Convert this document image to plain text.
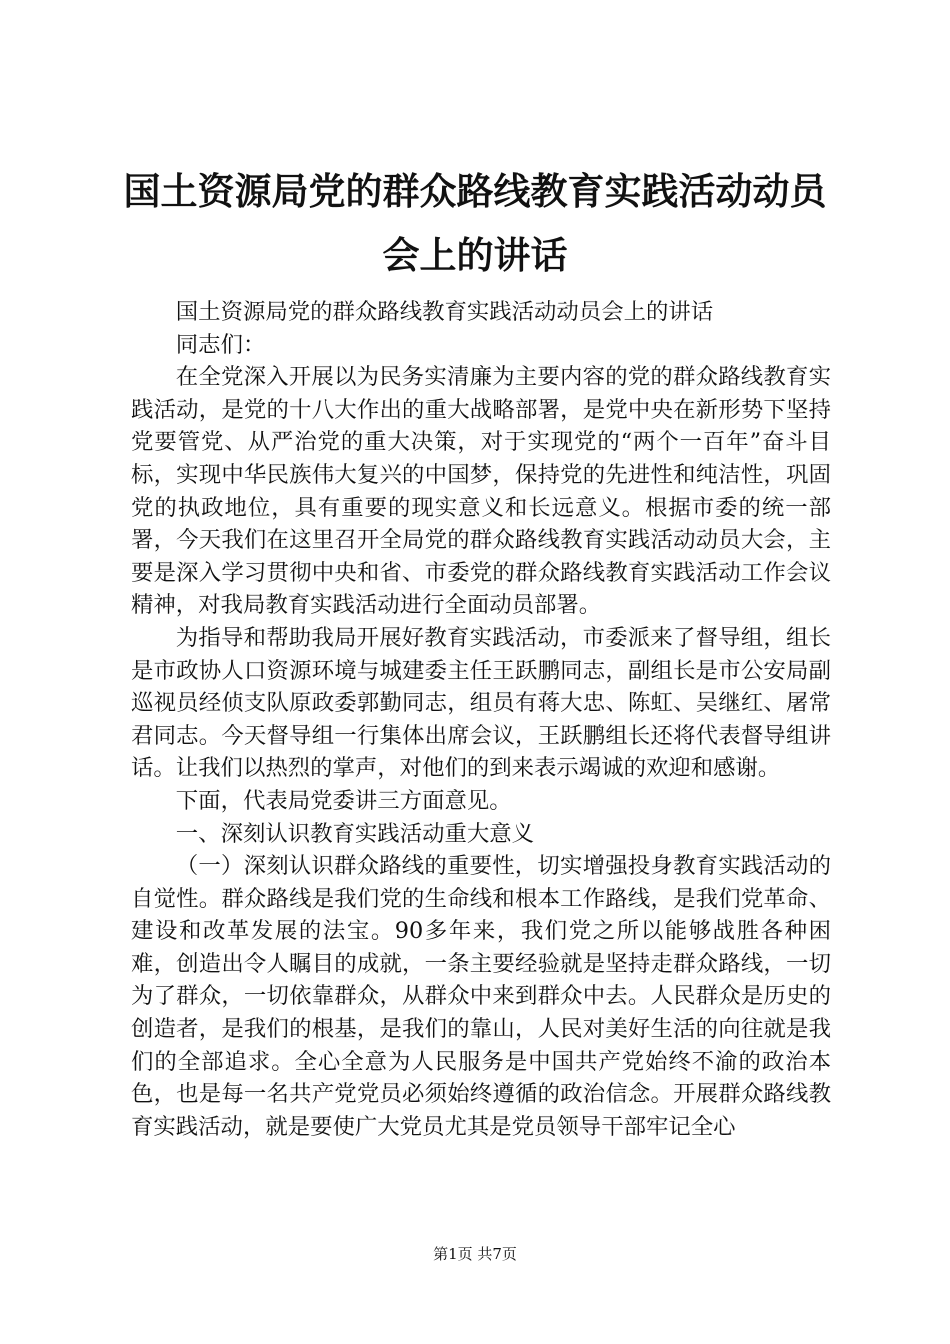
国土资源局党的群众路线教育实践活动动员会上的讲话

国土资源局党的群众路线教育实践活动动员会上的讲话

同志们：

在全党深入开展以为民务实清廉为主要内容的党的群众路线教育实践活动，是党的十八大作出的重大战略部署，是党中央在新形势下坚持党要管党、从严治党的重大决策，对于实现党的“两个一百年”奋斗目标，实现中华民族伟大复兴的中国梦，保持党的先进性和纯洁性，巩固党的执政地位，具有重要的现实意义和长远意义。根据市委的统一部署，今天我们在这里召开全局党的群众路线教育实践活动动员大会，主要是深入学习贯彻中央和省、市委党的群众路线教育实践活动工作会议精神，对我局教育实践活动进行全面动员部署。

为指导和帮助我局开展好教育实践活动，市委派来了督导组，组长是市政协人口资源环境与城建委主任王跃鹏同志，副组长是市公安局副巡视员经侦支队原政委郭勤同志，组员有蒋大忠、陈虹、吴继红、屠常君同志。今天督导组一行集体出席会议，王跃鹏组长还将代表督导组讲话。让我们以热烈的掌声，对他们的到来表示竭诚的欢迎和感谢。

下面，代表局党委讲三方面意见。

一、深刻认识教育实践活动重大意义

（一）深刻认识群众路线的重要性，切实增强投身教育实践活动的自觉性。群众路线是我们党的生命线和根本工作路线，是我们党革命、建设和改革发展的法宝。90多年来，我们党之所以能够战胜各种困难，创造出令人瞩目的成就，一条主要经验就是坚持走群众路线，一切为了群众，一切依靠群众，从群众中来到群众中去。人民群众是历史的创造者，是我们的根基，是我们的靠山，人民对美好生活的向往就是我们的全部追求。全心全意为人民服务是中国共产党始终不渝的政治本色，也是每一名共产党党员必须始终遵循的政治信念。开展群众路线教育实践活动，就是要使广大党员尤其是党员领导干部牢记全心

第1页 共7页
